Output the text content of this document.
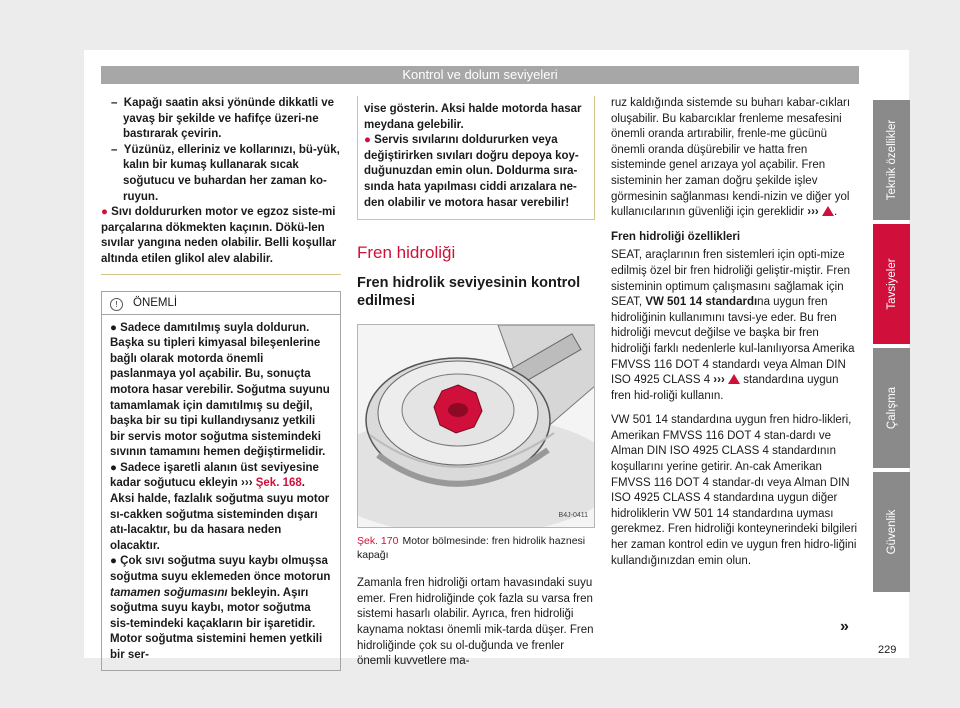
Kontrol ve dolum seviyeleri

–  Kapağı saatin aksi yönünde dikkatli ve yavaş bir şekilde ve hafifçe üzeri-ne bastırarak çevirin.

–  Yüzünüz, elleriniz ve kollarınızı, bü-yük, kalın bir kumaş kullanarak sıcak soğutucu ve buhardan her zaman ko-ruyun.

● Sıvı doldururken motor ve egzoz siste-mi parçalarına dökmekten kaçının. Dökü-len sıvılar yangına neden olabilir. Belli koşullar altında etilen glikol alev alabilir.

! ÖNEMLİ

● Sadece damıtılmış suyla doldurun. Başka su tipleri kimyasal bileşenlerine bağlı olarak motorda önemli paslanmaya yol açabilir. Bu, sonuçta motora hasar verebilir. Soğutma suyunu tamamlamak için damıtılmış su değil, başka bir su tipi kullandıysanız yetkili bir servis motor soğutma sistemindeki sıvının tamamını hemen değiştirmelidir.

● Sadece işaretli alanın üst seviyesine kadar soğutucu ekleyin ››› Şek. 168. Aksi halde, fazlalık soğutma suyu motor sı-cakken soğutma sisteminden dışarı atı-lacaktır, bu da hasara neden olacaktır.

● Çok sıvı soğutma suyu kaybı olmuşsa soğutma suyu eklemeden önce motorun tamamen soğumasını bekleyin. Aşırı soğutma suyu kaybı, motor soğutma sis-temindeki kaçakların bir işaretidir. Motor soğutma sistemini hemen yetkili bir ser-

vise gösterin. Aksi halde motorda hasar meydana gelebilir.

● Servis sıvılarını doldururken veya değiştirirken sıvıları doğru depoya koy-duğunuzdan emin olun. Doldurma sıra-sında hata yapılması ciddi arızalara ne-den olabilir ve motora hasar verebilir!

Fren hidroliği
Fren hidrolik seviyesinin kontrol edilmesi
B4J-0411

Şek. 170 Motor bölmesinde: fren hidrolik haznesi kapağı

Zamanla fren hidroliği ortam havasındaki suyu emer. Fren hidroliğinde çok fazla su varsa fren sistemi hasarlı olabilir. Ayrıca, fren hidroliği kaynama noktası önemli mik-tarda düşer. Fren hidroliğinde çok su ol-duğunda ve frenler önemli kuvvetlere ma-

ruz kaldığında sistemde su buharı kabar-cıkları oluşabilir. Bu kabarcıklar frenleme mesafesini önemli oranda artırabilir, frenle-me gücünü önemli oranda düşürebilir ve hatta fren sisteminde genel arızaya yol açabilir. Fren sisteminin her zaman doğru şekilde işlev görmesinin sağlanması kendi-nizin ve diğer yol kullanıcılarının güvenliği için gereklidir ››› .

Fren hidroliği özellikleri

SEAT, araçlarının fren sistemleri için opti-mize edilmiş özel bir fren hidroliği geliştir-miştir. Fren sisteminin optimum çalışmasını sağlamak için SEAT, VW 501 14 standardına uygun fren hidroliğinin kullanımını tavsi-ye eder. Bu fren hidroliği mevcut değilse ve başka bir fren hidroliği farklı nedenlerle kul-lanılıyorsa Amerika FMVSS 116 DOT 4 standardı veya Alman DIN ISO 4925 CLASS 4 ››› standardına uygun fren hid-roliği kullanın.

VW 501 14 standardına uygun fren hidro-likleri, Amerikan FMVSS 116 DOT 4 stan-dardı ve Alman DIN ISO 4925 CLASS 4 standardının koşullarını yerine getirir. An-cak Amerikan FMVSS 116 DOT 4 standar-dı veya Alman DIN ISO 4925 CLASS 4 standardına uygun diğer hidroliklerin VW 501 14 standardına uyması gerekmez. Fren hidroliği konteynerindeki bilgileri her zaman kontrol edin ve uygun fren hidro-liğini kullandığınızdan emin olun.

Teknik özellikler
Tavsiyeler
Çalışma
Güvenlik
»
229
